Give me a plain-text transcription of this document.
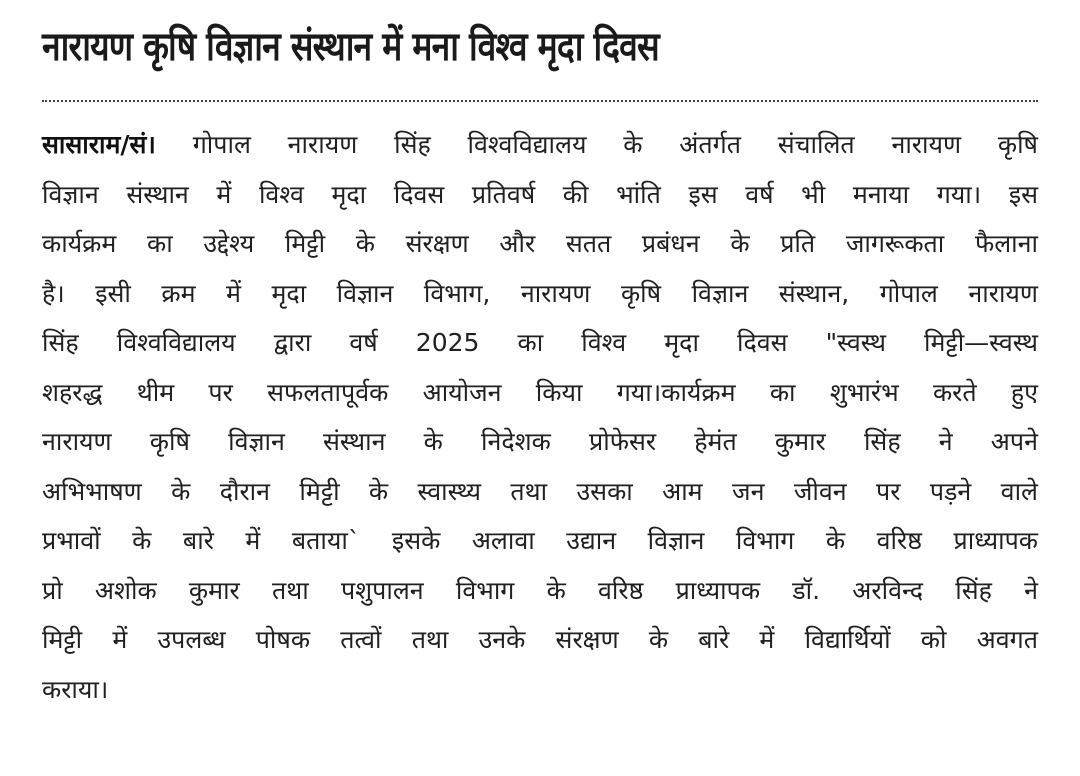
नारायण कृषि विज्ञान संस्थान में मना विश्व मृदा दिवस
सासाराम/सं। गोपाल नारायण सिंह विश्वविद्यालय के अंतर्गत संचालित नारायण कृषि
विज्ञान संस्थान में विश्व मृदा दिवस प्रतिवर्ष की भांति इस वर्ष भी मनाया गया। इस
कार्यक्रम का उद्देश्य मिट्टी के संरक्षण और सतत प्रबंधन के प्रति जागरूकता फैलाना
है। इसी क्रम में मृदा विज्ञान विभाग, नारायण कृषि विज्ञान संस्थान, गोपाल नारायण
सिंह विश्वविद्यालय द्वारा वर्ष 2025 का विश्व मृदा दिवस "स्वस्थ मिट्टी—स्वस्थ
शहरद्ध थीम पर सफलतापूर्वक आयोजन किया गया।कार्यक्रम का शुभारंभ करते हुए
नारायण कृषि विज्ञान संस्थान के निदेशक प्रोफेसर हेमंत कुमार सिंह ने अपने
अभिभाषण के दौरान मिट्टी के स्वास्थ्य तथा उसका आम जन जीवन पर पड़ने वाले
प्रभावों के बारे में बताया` इसके अलावा उद्यान विज्ञान विभाग के वरिष्ठ प्राध्यापक
प्रो अशोक कुमार तथा पशुपालन विभाग के वरिष्ठ प्राध्यापक डॉ. अरविन्द सिंह ने
मिट्टी में उपलब्ध पोषक तत्वों तथा उनके संरक्षण के बारे में विद्यार्थियों को अवगत
कराया।
